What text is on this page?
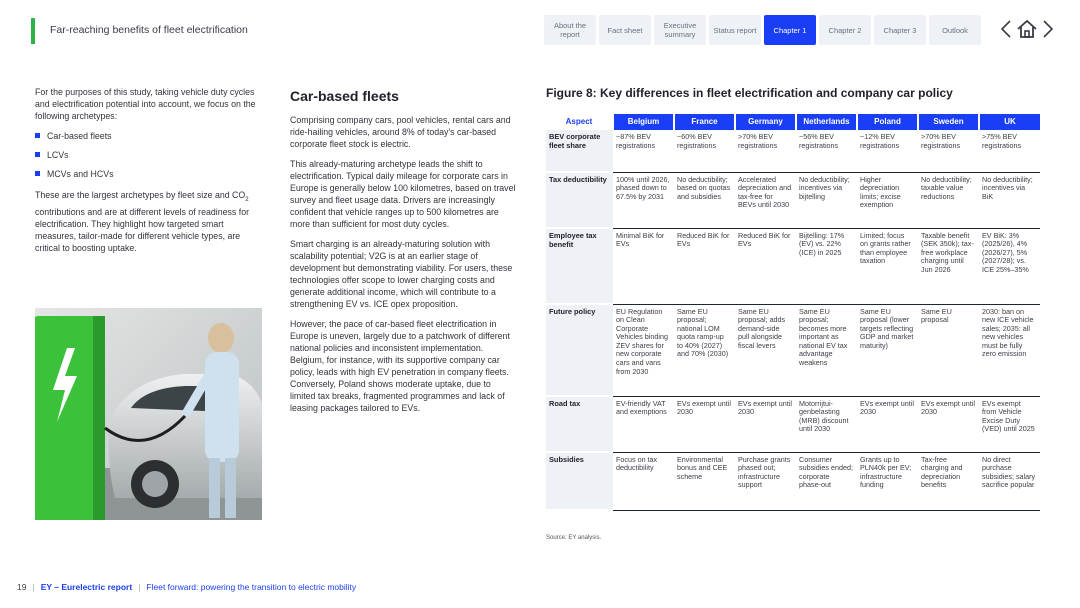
Far-reaching benefits of fleet electrification	About the report	Fact sheet	Executive summary	Status report	Chapter 1	Chapter 2	Chapter 3	Outlook

For the purposes of this study, taking vehicle duty cycles and electrification potential into account, we focus on the following archetypes:

Car-based fleets
LCVs
MCVs and HCVs

These are the largest archetypes by fleet size and $CO_2$ contributions and are at different levels of readiness for electrification. They highlight how targeted smart measures, tailor-made for different vehicle types, are critical to boosting uptake.

Car-based fleets

Comprising company cars, pool vehicles, rental cars and ride-hailing vehicles, around 8% of today's car-based corporate fleet stock is electric.

This already-maturing archetype leads the shift to electrification. Typical daily mileage for corporate cars in Europe is generally below 100 kilometres, based on travel survey and fleet usage data. Drivers are increasingly confident that vehicle ranges up to 500 kilometres are more than sufficient for most duty cycles.

Smart charging is an already-maturing solution with scalability potential; V2G is at an earlier stage of development but demonstrating viability. For users, these technologies offer scope to lower charging costs and generate additional income, which will contribute to a strengthening EV vs. ICE opex proposition.

However, the pace of car-based fleet electrification in Europe is uneven, largely due to a patchwork of different national policies and inconsistent implementation. Belgium, for instance, with its supportive company car policy, leads with high EV penetration in company fleets. Conversely, Poland shows moderate uptake, due to limited tax breaks, fragmented programmes and lack of leasing packages tailored to EVs.

Figure 8: Key differences in fleet electrification and company car policy
Aspect	Belgium	France	Germany	Netherlands	Poland	Sweden	UK
BEV corporate fleet share	~87% BEV registrations	~60% BEV registrations	>70% BEV registrations	~56% BEV registrations	~12% BEV registrations	>70% BEV registrations	>75% BEV registrations
Tax deductibility	100% until 2026, phased down to 67.5% by 2031	No deductibility; based on quotas and subsidies	Accelerated depreciation and tax-free for BEVs until 2030	No deductibility; incentives via bijtelling	Higher depreciation limits; excise exemption	No deductibility; taxable value reductions	No deductibility; incentives via BiK
Employee tax benefit	Minimal BiK for EVs	Reduced BiK for EVs	Reduced BiK for EVs	Bijtelling: 17% (EV) vs. 22% (ICE) in 2025	Limited; focus on grants rather than employee taxation	Taxable benefit (SEK 350k); tax-free workplace charging until Jun 2026	EV BiK: 3% (2025/26), 4% (2026/27), 5% (2027/28); vs. ICE 25%–35%
Future policy	EU Regulation on Clean Corporate Vehicles binding ZEV shares for new corporate cars and vans from 2030	Same EU proposal; national LOM quota ramp-up to 40% (2027) and 70% (2030)	Same EU proposal; adds demand-side pull alongside fiscal levers	Same EU proposal; becomes more important as national EV tax advantage weakens	Same EU proposal (lower targets reflecting GDP and market maturity)	Same EU proposal	2030: ban on new ICE vehicle sales; 2035: all new vehicles must be fully zero emission
Road tax	EV-friendly VAT and exemptions	EVs exempt until 2030	EVs exempt until 2030	Motorrijtui-genbelasting (MRB) discount until 2030	EVs exempt until 2030	EVs exempt until 2030	EVs exempt from Vehicle Excise Duty (VED) until 2025
Subsidies	Focus on tax deductibility	Environmental bonus and CEE scheme	Purchase grants phased out; infrastructure support	Consumer subsidies ended; corporate phase-out	Grants up to PLN40k per EV; infrastructure funding	Tax-free charging and depreciation benefits	No direct purchase subsidies; salary sacrifice popular
Source: EY analysis.
19 | EY – Eurelectric report | Fleet forward: powering the transition to electric mobility
